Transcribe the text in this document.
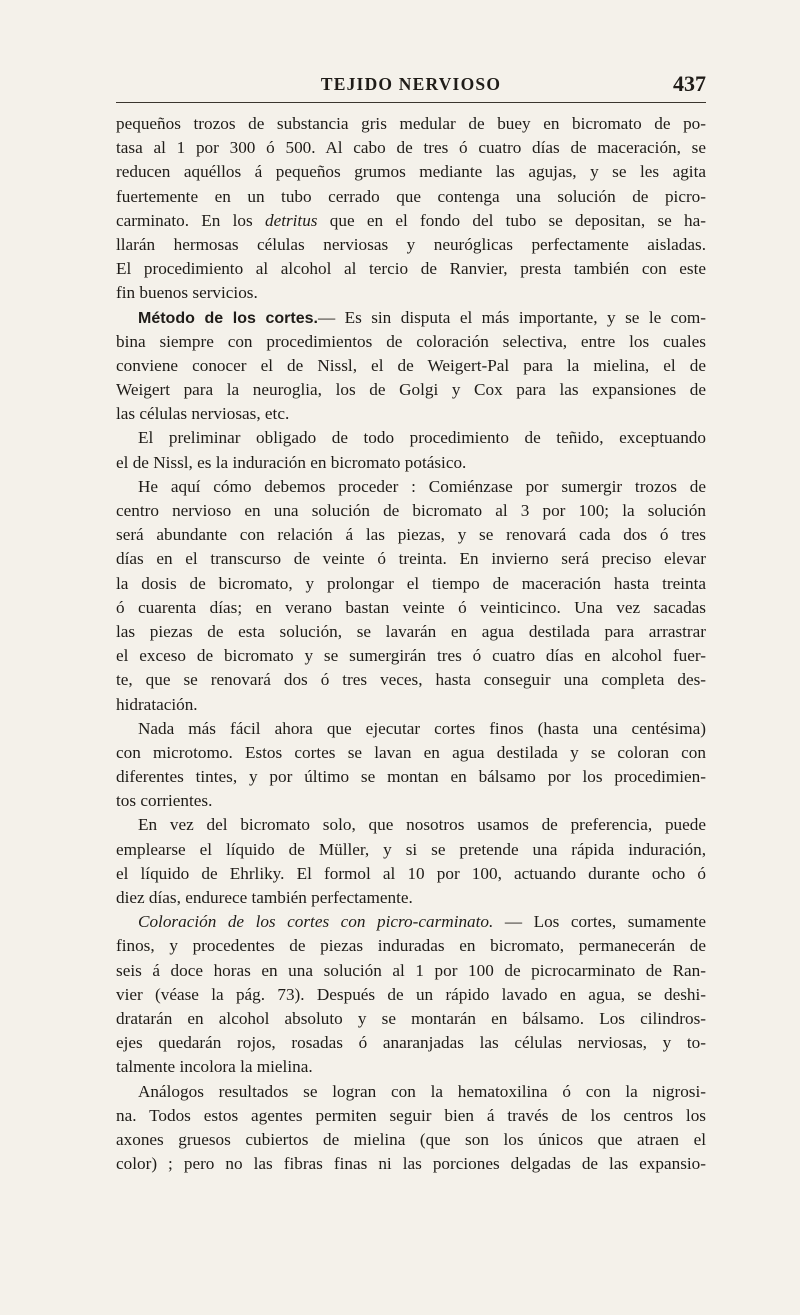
TEJIDO NERVIOSO	437
pequeños trozos de substancia gris medular de buey en bicromato de po-
tasa al 1 por 300 ó 500. Al cabo de tres ó cuatro días de maceración, se
reducen aquéllos á pequeños grumos mediante las agujas, y se les agita
fuertemente en un tubo cerrado que contenga una solución de picro-
carminato. En los detritus que en el fondo del tubo se depositan, se ha-
llarán hermosas células nerviosas y neuróglicas perfectamente aisladas.
El procedimiento al alcohol al tercio de Ranvier, presta también con este
fin buenos servicios.
Método de los cortes.— Es sin disputa el más importante, y se le com-
bina siempre con procedimientos de coloración selectiva, entre los cuales
conviene conocer el de Nissl, el de Weigert-Pal para la mielina, el de
Weigert para la neuroglia, los de Golgi y Cox para las expansiones de
las células nerviosas, etc.
El preliminar obligado de todo procedimiento de teñido, exceptuando
el de Nissl, es la induración en bicromato potásico.
He aquí cómo debemos proceder : Comiénzase por sumergir trozos de
centro nervioso en una solución de bicromato al 3 por 100; la solución
será abundante con relación á las piezas, y se renovará cada dos ó tres
días en el transcurso de veinte ó treinta. En invierno será preciso elevar
la dosis de bicromato, y prolongar el tiempo de maceración hasta treinta
ó cuarenta días; en verano bastan veinte ó veinticinco. Una vez sacadas
las piezas de esta solución, se lavarán en agua destilada para arrastrar
el exceso de bicromato y se sumergirán tres ó cuatro días en alcohol fuer-
te, que se renovará dos ó tres veces, hasta conseguir una completa des-
hidratación.
Nada más fácil ahora que ejecutar cortes finos (hasta una centésima)
con microtomo. Estos cortes se lavan en agua destilada y se coloran con
diferentes tintes, y por último se montan en bálsamo por los procedimien-
tos corrientes.
En vez del bicromato solo, que nosotros usamos de preferencia, puede
emplearse el líquido de Müller, y si se pretende una rápida induración,
el líquido de Ehrliky. El formol al 10 por 100, actuando durante ocho ó
diez días, endurece también perfectamente.
Coloración de los cortes con picro-carminato. — Los cortes, sumamente
finos, y procedentes de piezas induradas en bicromato, permanecerán de
seis á doce horas en una solución al 1 por 100 de picrocarminato de Ran-
vier (véase la pág. 73). Después de un rápido lavado en agua, se deshi-
dratarán en alcohol absoluto y se montarán en bálsamo. Los cilindros-
ejes quedarán rojos, rosadas ó anaranjadas las células nerviosas, y to-
talmente incolora la mielina.
Análogos resultados se logran con la hematoxilina ó con la nigrosi-
na. Todos estos agentes permiten seguir bien á través de los centros los
axones gruesos cubiertos de mielina (que son los únicos que atraen el
color) ; pero no las fibras finas ni las porciones delgadas de las expansio-
